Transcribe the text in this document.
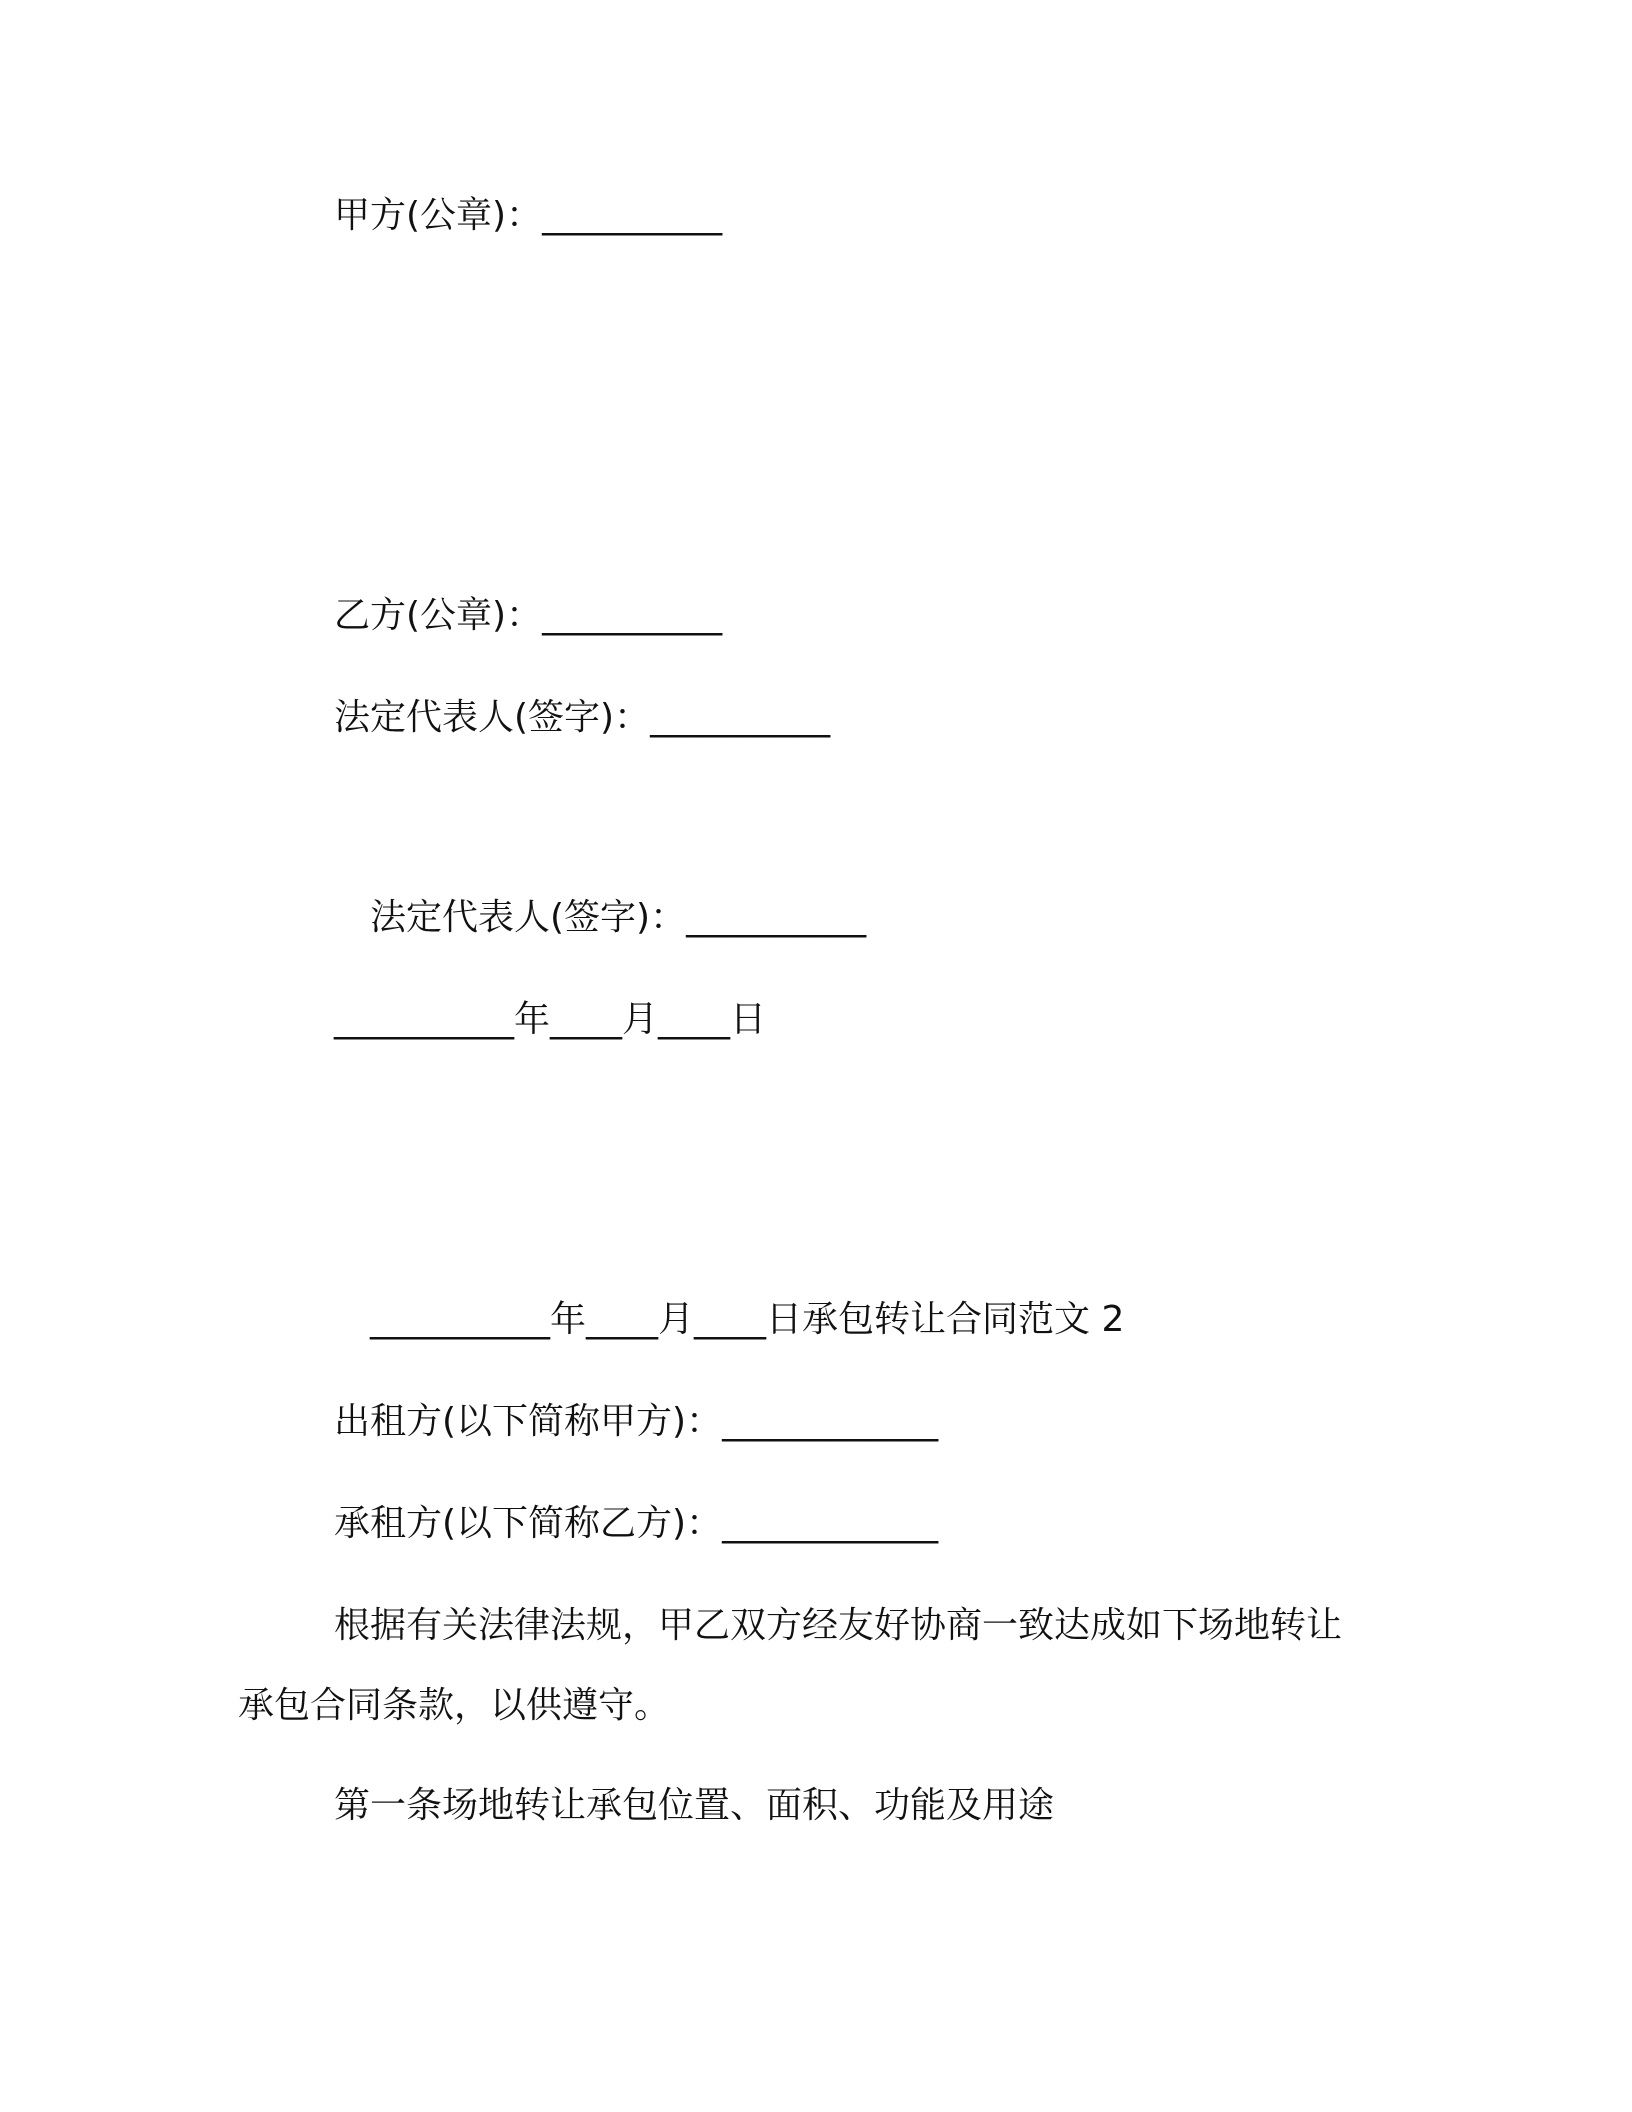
甲方(公章)：__________
乙方(公章)：__________
法定代表人(签字)：__________
法定代表人(签字)：__________
__________年____月____日
__________年____月____日承包转让合同范文 2
出租方(以下简称甲方)：____________
承租方(以下简称乙方)：____________
根据有关法律法规，甲乙双方经友好协商一致达成如下场地转让
承包合同条款，以供遵守。
第一条场地转让承包位置、面积、功能及用途
